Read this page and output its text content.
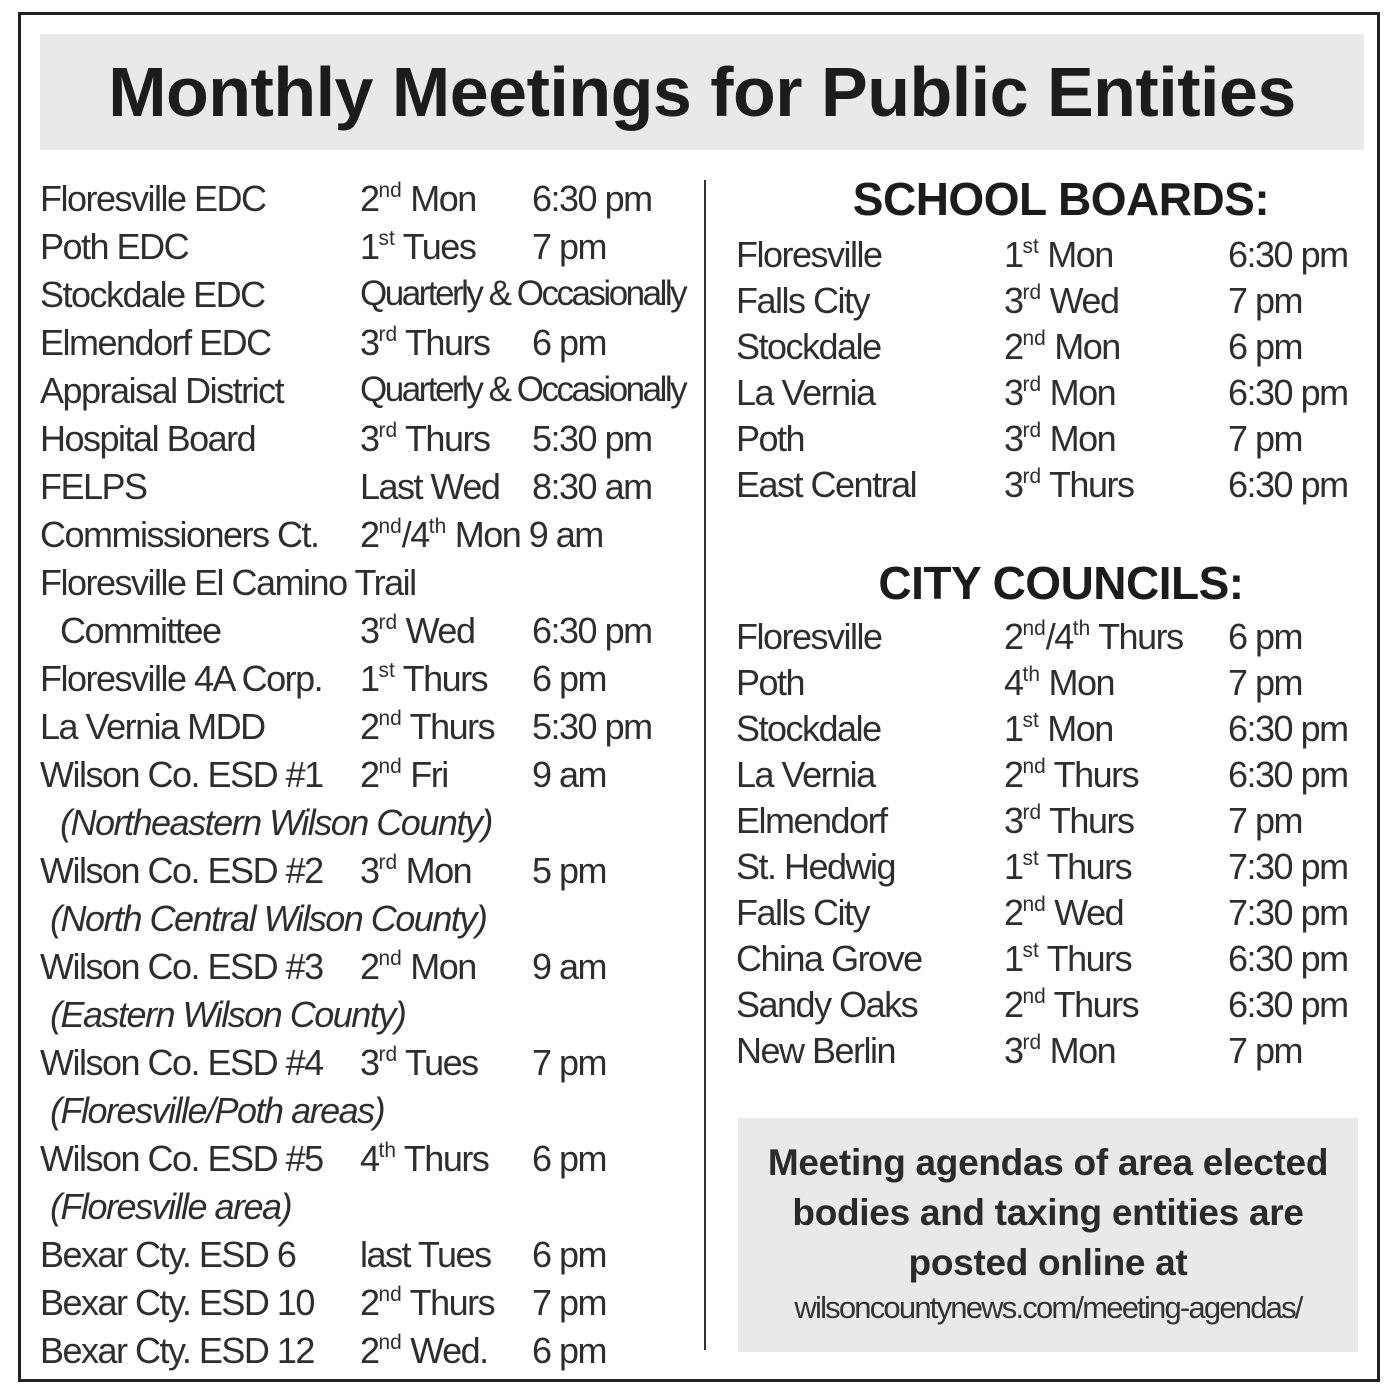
Monthly Meetings for Public Entities
Floresville EDC	2nd Mon 6:30 pm
Poth EDC	1st Tues 7 pm
Stockdale EDC	Quarterly & Occasionally
Elmendorf EDC 3rd Thurs 6 pm
Appraisal District Quarterly & Occasionally
Hospital Board	3rd Thurs 5:30 pm
FELPS	Last Wed 8:30 am
Commissioners Ct. 2nd/4th Mon 9 am
Floresville El Camino Trail
Committee	3rd Wed 6:30 pm
Floresville 4A Corp. 1st Thurs 6 pm
La Vernia MDD	2nd Thurs 5:30 pm
Wilson Co. ESD #1 2nd Fri 9 am
(Northeastern Wilson County)
Wilson Co. ESD #2 3rd Mon 5 pm
(North Central Wilson County)
Wilson Co. ESD #3 2nd Mon 9 am
(Eastern Wilson County)
Wilson Co. ESD #4 3rd Tues 7 pm
(Floresville/Poth areas)
Wilson Co. ESD #5 4th Thurs 6 pm
(Floresville area)
Bexar Cty. ESD 6 last Tues 6 pm
Bexar Cty. ESD 10 2nd Thurs 7 pm
Bexar Cty. ESD 12 2nd Wed. 6 pm
SCHOOL BOARDS:
Floresville	1st Mon	6:30 pm
Falls City	3rd Wed	7 pm
Stockdale	2nd Mon	6 pm
La Vernia	3rd Mon	6:30 pm
Poth	3rd Mon	7 pm
East Central 3rd Thurs	6:30 pm
CITY COUNCILS:
Floresville	2nd/4th Thurs 6 pm
Poth	4th Mon	7 pm
Stockdale	1st Mon	6:30 pm
La Vernia	2nd Thurs 6:30 pm
Elmendorf	3rd Thurs	7 pm
St. Hedwig	1st Thurs	7:30 pm
Falls City	2nd Wed	7:30 pm
China Grove 1st Thurs	6:30 pm
Sandy Oaks 2nd Thurs 6:30 pm
New Berlin	3rd Mon	7 pm
Meeting agendas of area elected bodies and taxing entities are posted online at
wilsoncountynews.com/meeting-agendas/
